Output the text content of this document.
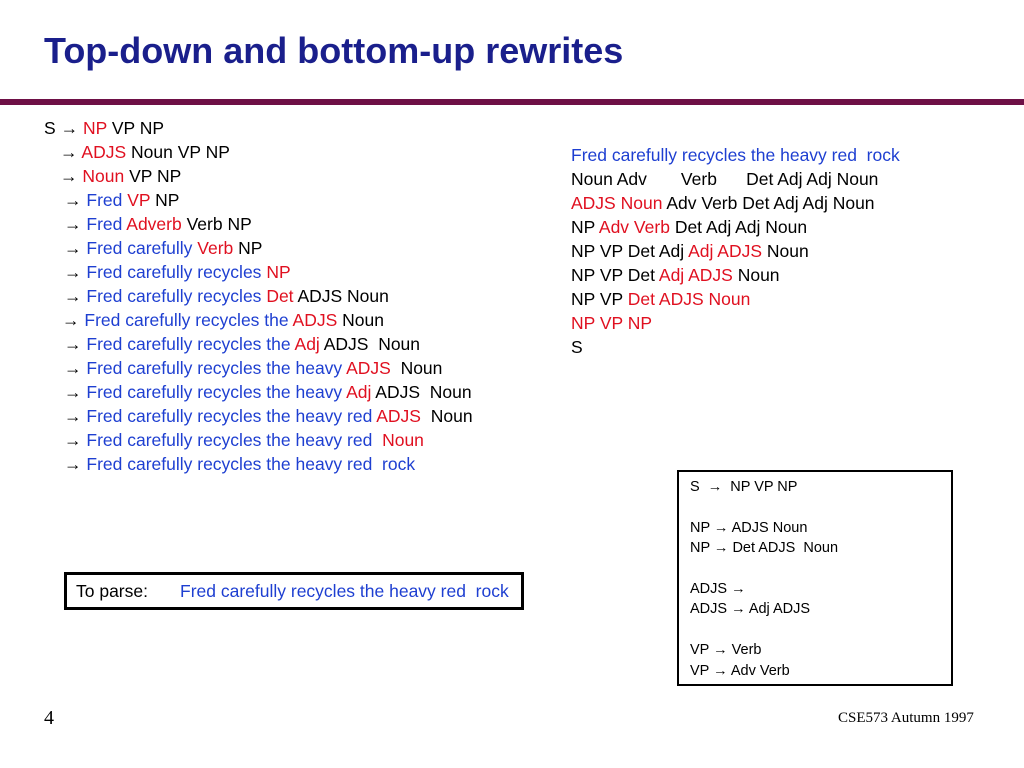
Top-down and bottom-up rewrites
S → NP VP NP
→ ADJS Noun VP NP
→ Noun VP NP
→ Fred VP NP
→ Fred Adverb Verb NP
→ Fred carefully Verb NP
→ Fred carefully recycles NP
→ Fred carefully recycles Det ADJS Noun
→ Fred carefully recycles the ADJS Noun
→ Fred carefully recycles the Adj ADJS  Noun
→ Fred carefully recycles the heavy ADJS  Noun
→ Fred carefully recycles the heavy Adj ADJS  Noun
→ Fred carefully recycles the heavy red ADJS  Noun
→ Fred carefully recycles the heavy red  Noun
→ Fred carefully recycles the heavy red  rock
Fred carefully recycles the heavy red  rock
Noun Adv       Verb      Det Adj Adj Noun
ADJS Noun Adv Verb Det Adj Adj Noun
NP Adv Verb Det Adj Adj Noun
NP VP Det Adj Adj ADJS Noun
NP VP Det Adj ADJS Noun
NP VP Det ADJS Noun
NP VP NP
S
S  →  NP VP NP
NP → ADJS Noun
NP → Det ADJS  Noun
ADJS →
ADJS → Adj ADJS
VP → Verb
VP → Adv Verb
To parse: Fred carefully recycles the heavy red  rock
4	CSE573 Autumn 1997
